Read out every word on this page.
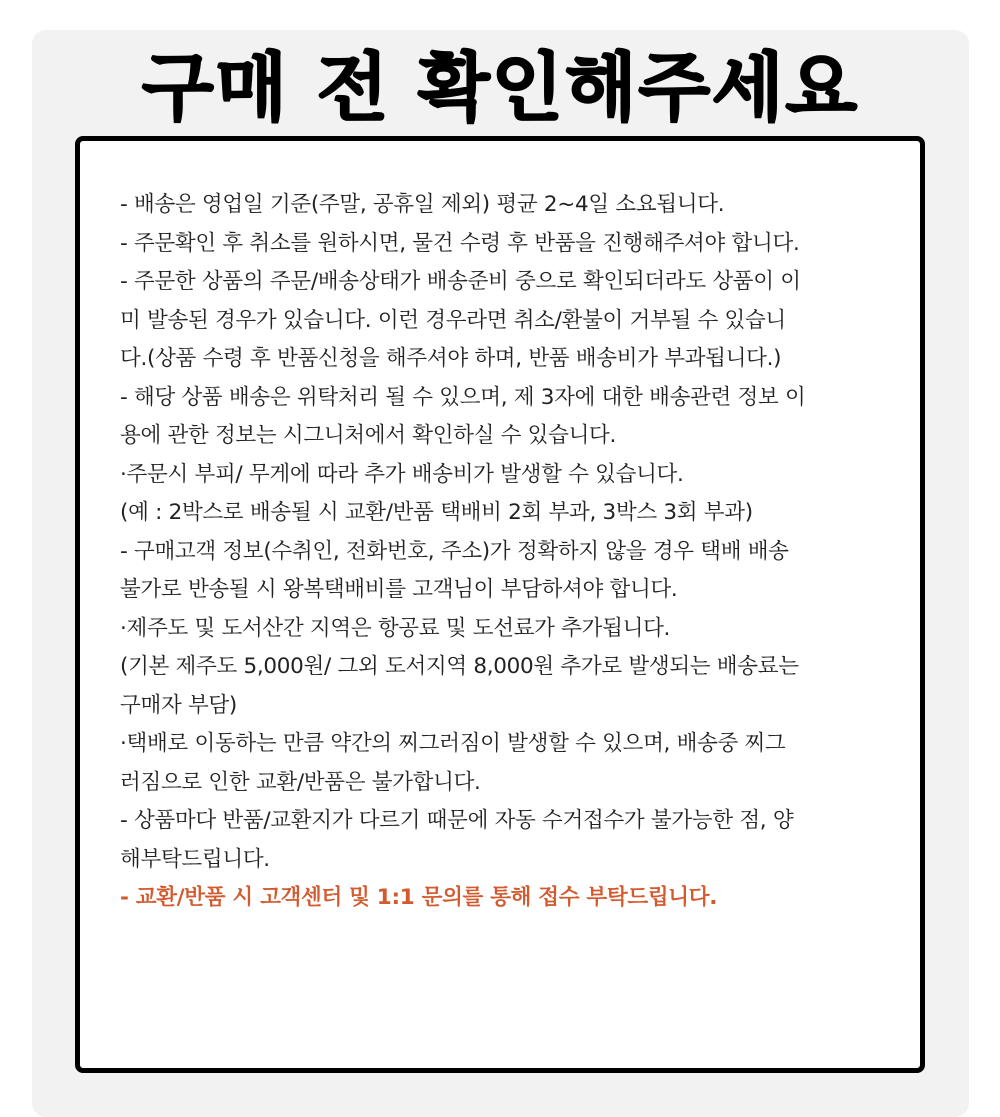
구매 전 확인해주세요
- 배송은 영업일 기준(주말, 공휴일 제외) 평균 2~4일 소요됩니다.
- 주문확인 후 취소를 원하시면, 물건 수령 후 반품을 진행해주셔야 합니다.
- 주문한 상품의 주문/배송상태가 배송준비 중으로 확인되더라도 상품이 이
미 발송된 경우가 있습니다. 이런 경우라면 취소/환불이 거부될 수 있습니
다.(상품 수령 후 반품신청을 해주셔야 하며, 반품 배송비가 부과됩니다.)
- 해당 상품 배송은 위탁처리 될 수 있으며, 제 3자에 대한 배송관련 정보 이
용에 관한 정보는 시그니처에서 확인하실 수 있습니다.
·주문시 부피/ 무게에 따라 추가 배송비가 발생할 수 있습니다.
(예 : 2박스로 배송될 시 교환/반품 택배비 2회 부과, 3박스 3회 부과)
- 구매고객 정보(수취인, 전화번호, 주소)가 정확하지 않을 경우 택배 배송
불가로 반송될 시 왕복택배비를 고객님이 부담하셔야 합니다.
·제주도 및 도서산간 지역은 항공료 및 도선료가 추가됩니다.
(기본 제주도 5,000원/ 그외 도서지역 8,000원 추가로 발생되는 배송료는
구매자 부담)
·택배로 이동하는 만큼 약간의 찌그러짐이 발생할 수 있으며, 배송중 찌그
러짐으로 인한 교환/반품은 불가합니다.
- 상품마다 반품/교환지가 다르기 때문에 자동 수거접수가 불가능한 점, 양
해부탁드립니다.
- 교환/반품 시 고객센터 및 1:1 문의를 통해 접수 부탁드립니다.
